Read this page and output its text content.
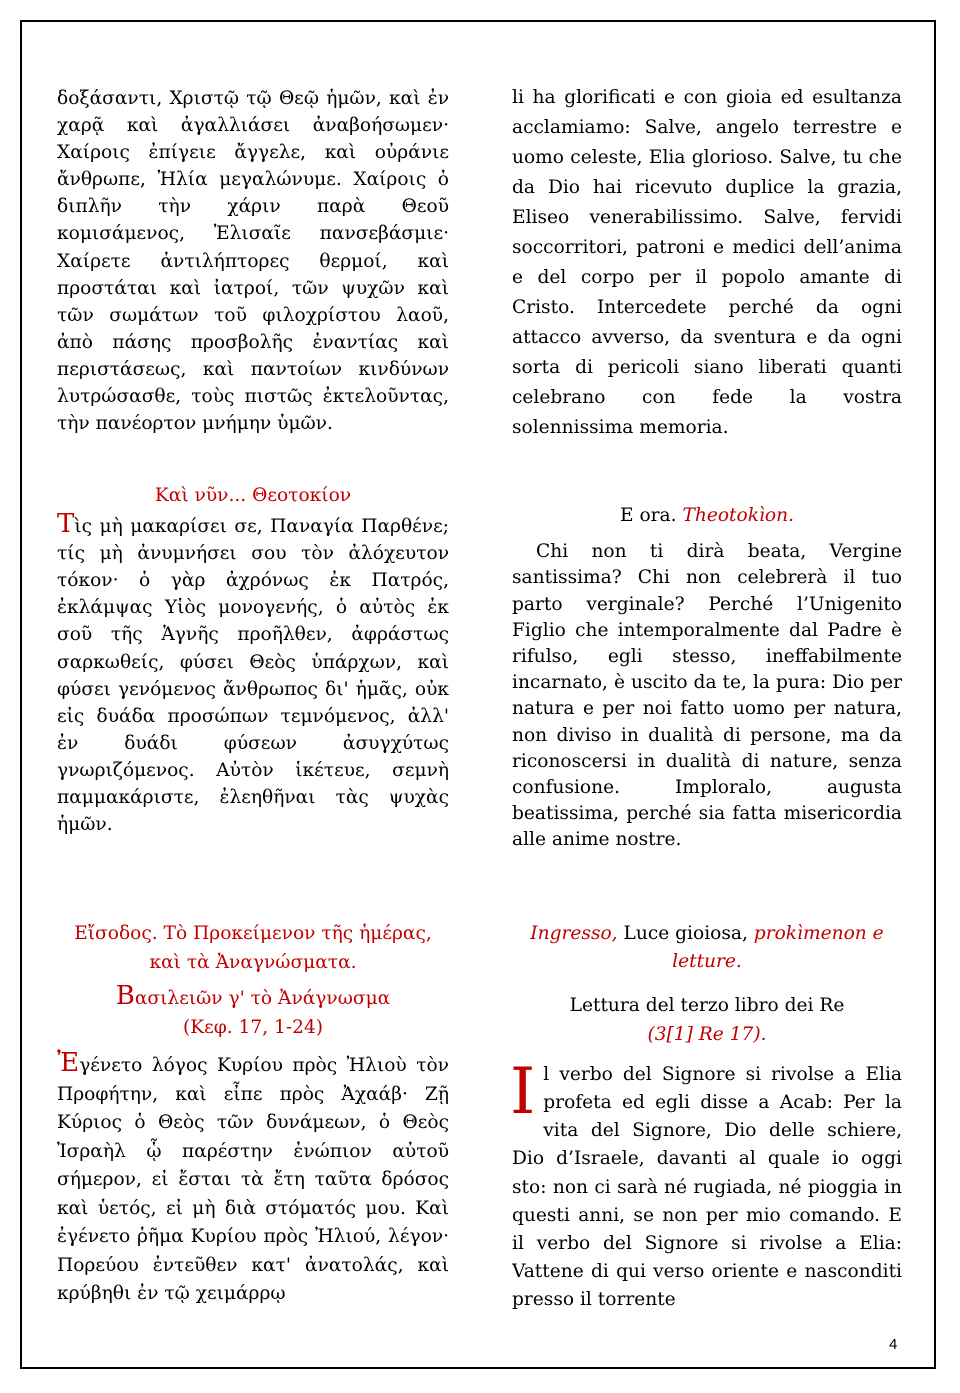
δοξάσαντι, Χριστῷ τῷ Θεῷ ἡμῶν, καὶ ἐν χαρᾷ καὶ ἀγαλλιάσει ἀναβοήσωμεν· Χαίροις ἐπίγειε ἄγγελε, καὶ οὐράνιε ἄνθρωπε, Ἠλία μεγαλώνυμε. Χαίροις ὁ διπλῆν τὴν χάριν παρὰ Θεοῦ κομισάμενος, Ἐλισαῖε πανσεβάσμιε· Χαίρετε ἀντιλήπτορες θερμοί, καὶ προστάται καὶ ἰατροί, τῶν ψυχῶν καὶ τῶν σωμάτων τοῦ φιλοχρίστου λαοῦ, ἀπὸ πάσης προσβολῆς ἐναντίας καὶ περιστάσεως, καὶ παντοίων κινδύνων λυτρώσασθε, τοὺς πιστῶς ἐκτελοῦντας, τὴν πανέορτον μνήμην ὑμῶν.

li ha glorificati e con gioia ed esultanza acclamiamo: Salve, angelo terrestre e uomo celeste, Elia glorioso. Salve, tu che da Dio hai ricevuto duplice la grazia, Eliseo venerabilissimo. Salve, fervidi soccorritori, patroni e medici dell’anima e del corpo per il popolo amante di Cristo. Intercedete perché da ogni attacco avverso, da sventura e da ogni sorta di pericoli siano liberati quanti celebrano con fede la vostra solennissima memoria.

Καὶ νῦν... Θεοτοκίον

Τὶς μὴ μακαρίσει σε, Παναγία Παρθένε; τίς μὴ ἀνυμνήσει σου τὸν ἀλόχευτον τόκον· ὁ γὰρ ἀχρόνως ἐκ Πατρός, ἐκλάμψας Υἱὸς μονογενής, ὁ αὐτὸς ἐκ σοῦ τῆς Ἁγνῆς προῆλθεν, ἀφράστως σαρκωθείς, φύσει Θεὸς ὑπάρχων, καὶ φύσει γενόμενος ἄνθρωπος δι' ἡμᾶς, οὐκ εἰς δυάδα προσώπων τεμνόμενος, ἀλλ' ἐν δυάδι φύσεων ἀσυγχύτως γνωριζόμενος. Αὐτὸν ἱκέτευε, σεμνὴ παμμακάριστε, ἐλεηθῆναι τὰς ψυχὰς ἡμῶν.

E ora. Theotokìon.

Chi non ti dirà beata, Vergine santissima? Chi non celebrerà il tuo parto verginale? Perché l’Unigenito Figlio che intemporalmente dal Padre è rifulso, egli stesso, ineffabilmente incarnato, è uscito da te, la pura: Dio per natura e per noi fatto uomo per natura, non diviso in dualità di persone, ma da riconoscersi in dualità di nature, senza confusione. Imploralo, augusta beatissima, perché sia fatta misericordia alle anime nostre.

Εἴσοδος. Τὸ Προκείμενον τῆς ἡμέρας,

καὶ τὰ Ἀναγνώσματα.

Βασιλειῶν γ' τὸ Ἀνάγνωσμα

(Κεφ. 17, 1-24)

Ἐγένετο λόγος Κυρίου πρὸς Ἠλιοὺ τὸν Προφήτην, καὶ εἶπε πρὸς Ἀχαάβ· Ζῇ Κύριος ὁ Θεὸς τῶν δυνάμεων, ὁ Θεὸς Ἰσραὴλ ᾧ παρέστην ἐνώπιον αὐτοῦ σήμερον, εἰ ἔσται τὰ ἔτη ταῦτα δρόσος καὶ ὑετός, εἰ μὴ διὰ στόματός μου. Καὶ ἐγένετο ῥῆμα Κυρίου πρὸς Ἠλιού, λέγον· Πορεύου ἐντεῦθεν κατ' ἀνατολάς, καὶ κρύβηθι ἐν τῷ χειμάρρῳ

Ingresso, Luce gioiosa, prokìmenon e letture.

Lettura del terzo libro dei Re

(3[1] Re 17).

Il verbo del Signore si rivolse a Elia profeta ed egli disse a Acab: Per la vita del Signore, Dio delle schiere, Dio d’Israele, davanti al quale io oggi sto: non ci sarà né rugiada, né pioggia in questi anni, se non per mio comando. E il verbo del Signore si rivolse a Elia: Vattene di qui verso oriente e nasconditi presso il torrente

4
